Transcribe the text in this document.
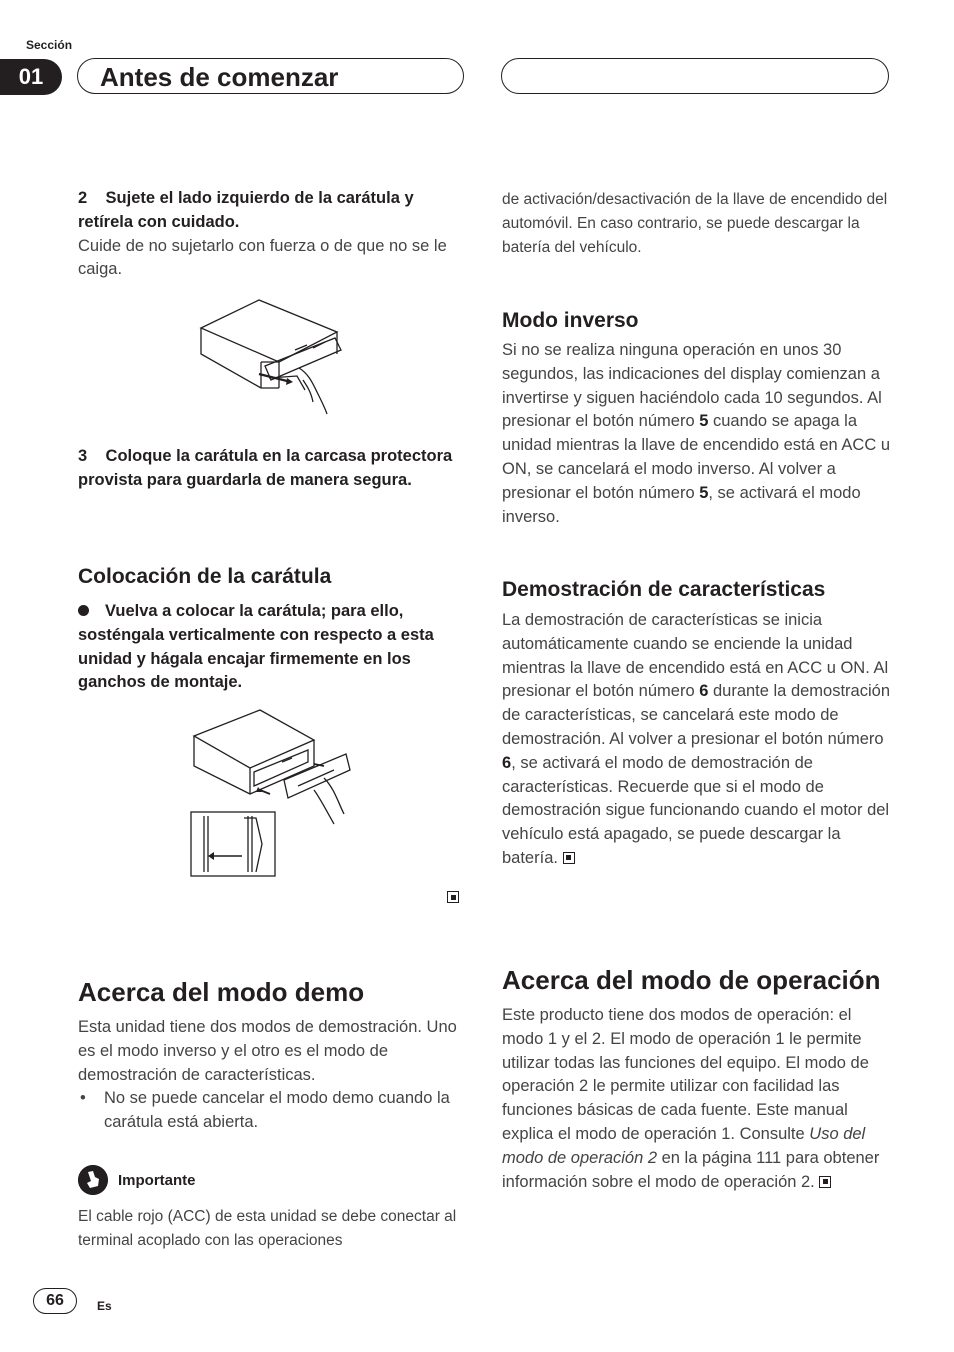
Sección
01	Antes de comenzar

2 Sujete el lado izquierdo de la carátula y retírela con cuidado.

Cuide de no sujetarlo con fuerza o de que no se le caiga.

3 Coloque la carátula en la carcasa protectora provista para guardarla de manera segura.

Colocación de la carátula
Vuelva a colocar la carátula; para ello, sosténgala verticalmente con respecto a esta unidad y hágala encajar firmemente en los ganchos de montaje.
Acerca del modo demo

Esta unidad tiene dos modos de demostración. Uno es el modo inverso y el otro es el modo de demostración de características.

• No se puede cancelar el modo demo cuando la carátula está abierta.
Importante
El cable rojo (ACC) de esta unidad se debe conectar al terminal acoplado con las operaciones
de activación/desactivación de la llave de encendido del automóvil. En caso contrario, se puede descargar la batería del vehículo.
Modo inverso
Si no se realiza ninguna operación en unos 30 segundos, las indicaciones del display comienzan a invertirse y siguen haciéndolo cada 10 segundos. Al presionar el botón número 5 cuando se apaga la unidad mientras la llave de encendido está en ACC u ON, se cancelará el modo inverso. Al volver a presionar el botón número 5, se activará el modo inverso.
Demostración de características
La demostración de características se inicia automáticamente cuando se enciende la unidad mientras la llave de encendido está en ACC u ON. Al presionar el botón número 6 durante la demostración de características, se cancelará este modo de demostración. Al volver a presionar el botón número 6, se activará el modo de demostración de características. Recuerde que si el modo de demostración sigue funcionando cuando el motor del vehículo está apagado, se puede descargar la batería.
Acerca del modo de operación
Este producto tiene dos modos de operación: el modo 1 y el 2. El modo de operación 1 le permite utilizar todas las funciones del equipo. El modo de operación 2 le permite utilizar con facilidad las funciones básicas de cada fuente. Este manual explica el modo de operación 1. Consulte Uso del modo de operación 2 en la página 111 para obtener información sobre el modo de operación 2.
66	Es
